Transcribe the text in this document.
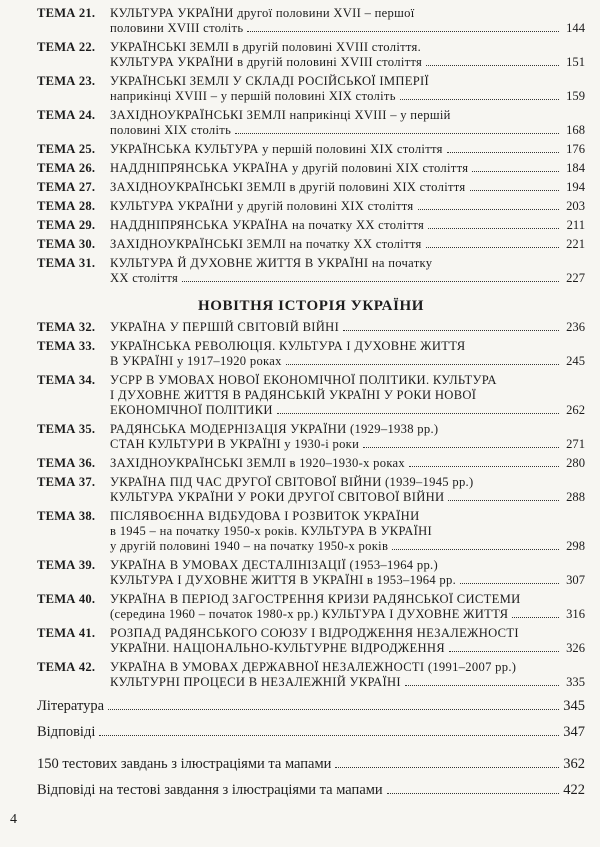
ТЕМА 21.	КУЛЬТУРА УКРАЇНИ другої половини XVII – першої
половини XVIII століть	144
ТЕМА 22.	УКРАЇНСЬКІ ЗЕМЛІ в другій половині XVIII століття.
КУЛЬТУРА УКРАЇНИ в другій половині XVIII століття	151
ТЕМА 23.	УКРАЇНСЬКІ ЗЕМЛІ У СКЛАДІ РОСІЙСЬКОЇ ІМПЕРІЇ
наприкінці XVIII – у першій половині XIX століть	159
ТЕМА 24.	ЗАХІДНОУКРАЇНСЬКІ ЗЕМЛІ наприкінці XVIII – у першій
половині XIX століть	168
ТЕМА 25.	УКРАЇНСЬКА КУЛЬТУРА у першій половині XIX століття	176
ТЕМА 26.	НАДДНІПРЯНСЬКА УКРАЇНА у другій половині XIX століття	184
ТЕМА 27.	ЗАХІДНОУКРАЇНСЬКІ ЗЕМЛІ в другій половині XIX століття	194
ТЕМА 28.	КУЛЬТУРА УКРАЇНИ у другій половині XIX століття	203
ТЕМА 29.	НАДДНІПРЯНСЬКА УКРАЇНА на початку XX століття	211
ТЕМА 30.	ЗАХІДНОУКРАЇНСЬКІ ЗЕМЛІ на початку XX століття	221
ТЕМА 31.	КУЛЬТУРА Й ДУХОВНЕ ЖИТТЯ В УКРАЇНІ на початку
XX століття	227
НОВІТНЯ ІСТОРІЯ УКРАЇНИ
ТЕМА 32.	УКРАЇНА У ПЕРШІЙ СВІТОВІЙ ВІЙНІ	236
ТЕМА 33.	УКРАЇНСЬКА РЕВОЛЮЦІЯ. КУЛЬТУРА І ДУХОВНЕ ЖИТТЯ
В УКРАЇНІ у 1917–1920 роках	245
ТЕМА 34.	УСРР В УМОВАХ НОВОЇ ЕКОНОМІЧНОЇ ПОЛІТИКИ. КУЛЬТУРА
І ДУХОВНЕ ЖИТТЯ В РАДЯНСЬКІЙ УКРАЇНІ У РОКИ НОВОЇ
ЕКОНОМІЧНОЇ ПОЛІТИКИ	262
ТЕМА 35.	РАДЯНСЬКА МОДЕРНІЗАЦІЯ УКРАЇНИ (1929–1938 рр.)
СТАН КУЛЬТУРИ В УКРАЇНІ у 1930-і роки	271
ТЕМА 36.	ЗАХІДНОУКРАЇНСЬКІ ЗЕМЛІ в 1920–1930-х роках	280
ТЕМА 37.	УКРАЇНА ПІД ЧАС ДРУГОЇ СВІТОВОЇ ВІЙНИ (1939–1945 рр.)
КУЛЬТУРА УКРАЇНИ У РОКИ ДРУГОЇ СВІТОВОЇ ВІЙНИ	288
ТЕМА 38.	ПІСЛЯВОЄННА ВІДБУДОВА І РОЗВИТОК УКРАЇНИ
в 1945 – на початку 1950-х років. КУЛЬТУРА В УКРАЇНІ
у другій половині 1940 – на початку 1950-х років	298
ТЕМА 39.	УКРАЇНА В УМОВАХ ДЕСТАЛІНІЗАЦІЇ (1953–1964 рр.)
КУЛЬТУРА І ДУХОВНЕ ЖИТТЯ В УКРАЇНІ в 1953–1964 рр.	307
ТЕМА 40.	УКРАЇНА В ПЕРІОД ЗАГОСТРЕННЯ КРИЗИ РАДЯНСЬКОЇ СИСТЕМИ
(середина 1960 – початок 1980-х рр.) КУЛЬТУРА І ДУХОВНЕ ЖИТТЯ	316
ТЕМА 41.	РОЗПАД РАДЯНСЬКОГО СОЮЗУ І ВІДРОДЖЕННЯ НЕЗАЛЕЖНОСТІ
УКРАЇНИ. НАЦІОНАЛЬНО-КУЛЬТУРНЕ ВІДРОДЖЕННЯ	326
ТЕМА 42.	УКРАЇНА В УМОВАХ ДЕРЖАВНОЇ НЕЗАЛЕЖНОСТІ (1991–2007 рр.)
КУЛЬТУРНІ ПРОЦЕСИ В НЕЗАЛЕЖНІЙ УКРАЇНІ	335
Література	345
Відповіді	347
150 тестових завдань з ілюстраціями та мапами	362
Відповіді на тестові завдання з ілюстраціями та мапами	422
4
